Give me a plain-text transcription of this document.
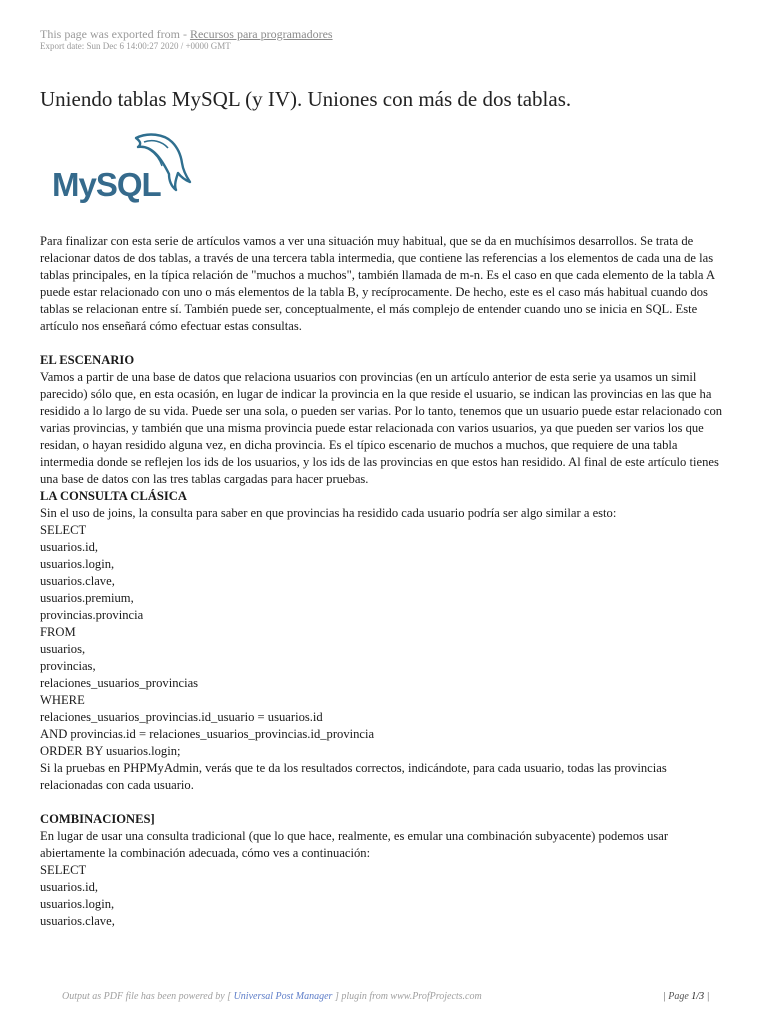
This page was exported from - Recursos para programadores
Export date: Sun Dec 6 14:00:27 2020 / +0000 GMT
Uniendo tablas MySQL (y IV). Uniones con más de dos tablas.
MySQL

Para finalizar con esta serie de artículos vamos a ver una situación muy habitual, que se da en muchísimos desarrollos. Se trata de relacionar datos de dos tablas, a través de una tercera tabla intermedia, que contiene las referencias a los elementos de cada una de las tablas principales, en la típica relación de "muchos a muchos", también llamada de m-n. Es el caso en que cada elemento de la tabla A puede estar relacionado con uno o más elementos de la tabla B, y recíprocamente. De hecho, este es el caso más habitual cuando dos tablas se relacionan entre sí. También puede ser, conceptualmente, el más complejo de entender cuando uno se inicia en SQL. Este artículo nos enseñará cómo efectuar estas consultas.

EL ESCENARIO

Vamos a partir de una base de datos que relaciona usuarios con provincias (en un artículo anterior de esta serie ya usamos un simil parecido) sólo que, en esta ocasión, en lugar de indicar la provincia en la que reside el usuario, se indican las provincias en las que ha residido a lo largo de su vida. Puede ser una sola, o pueden ser varias. Por lo tanto, tenemos que un usuario puede estar relacionado con varias provincias, y también que una misma provincia puede estar relacionada con varios usuarios, ya que pueden ser varios los que residan, o hayan residido alguna vez, en dicha provincia. Es el típico escenario de muchos a muchos, que requiere de una tabla intermedia donde se reflejen los ids de los usuarios, y los ids de las provincias en que estos han residido. Al final de este artículo tienes una base de datos con las tres tablas cargadas para hacer pruebas.

LA CONSULTA CLÁSICA

Sin el uso de joins, la consulta para saber en que provincias ha residido cada usuario podría ser algo similar a esto:

SELECT
usuarios.id,
usuarios.login,
usuarios.clave,
usuarios.premium,
provincias.provincia
FROM
usuarios,
provincias,
relaciones_usuarios_provincias
WHERE
relaciones_usuarios_provincias.id_usuario = usuarios.id
AND provincias.id = relaciones_usuarios_provincias.id_provincia
ORDER BY usuarios.login;

Si la pruebas en PHPMyAdmin, verás que te da los resultados correctos, indicándote, para cada usuario, todas las provincias relacionadas con cada usuario.

COMBINACIONES]

En lugar de usar una consulta tradicional (que lo que hace, realmente, es emular una combinación subyacente) podemos usar abiertamente la combinación adecuada, cómo ves a continuación:

SELECT
usuarios.id,
usuarios.login,
usuarios.clave,
Output as PDF file has been powered by [ Universal Post Manager ] plugin from www.ProfProjects.com	| Page 1/3 |
